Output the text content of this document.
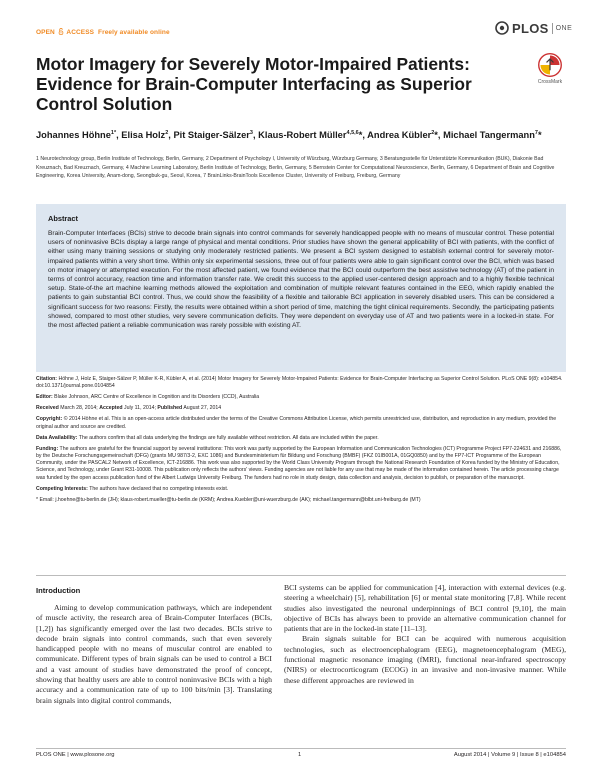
OPEN ACCESS Freely available online	PLOS ONE
Motor Imagery for Severely Motor-Impaired Patients: Evidence for Brain-Computer Interfacing as Superior Control Solution
CrossMark
Johannes Höhne$^{1*}$, Elisa Holz$^2$, Pit Staiger-Sälzer$^3$, Klaus-Robert Müller$^{4,5,6}$*, Andrea Kübler$^2$*, Michael Tangermann$^7$*
1 Neurotechnology group, Berlin Institute of Technology, Berlin, Germany, 2 Department of Psychology I, University of Würzburg, Würzburg Germany, 3 Beratungsstelle für Unterstützte Kommunikation (BUK), Diakonie Bad Kreuznach, Bad Kreuznach, Germany, 4 Machine Learning Laboratory, Berlin Institute of Technology, Berlin, Germany, 5 Bernstein Center for Computational Neuroscience, Berlin, Germany, 6 Department of Brain and Cognitive Engineering, Korea University, Anam-dong, Seongbuk-gu, Seoul, Korea, 7 BrainLinks-BrainTools Excellence Cluster, University of Freiburg, Freiburg, Germany
Abstract

Brain-Computer Interfaces (BCIs) strive to decode brain signals into control commands for severely handicapped people with no means of muscular control. These potential users of noninvasive BCIs display a large range of physical and mental conditions. Prior studies have shown the general applicability of BCI with patients, with the conflict of either using many training sessions or studying only moderately restricted patients. We present a BCI system designed to establish external control for severely motor-impaired patients within a very short time. Within only six experimental sessions, three out of four patients were able to gain significant control over the BCI, which was based on motor imagery or attempted execution. For the most affected patient, we found evidence that the BCI could outperform the best assistive technology (AT) of the patient in terms of control accuracy, reaction time and information transfer rate. We credit this success to the applied user-centered design approach and to a highly flexible technical setup. State-of-the art machine learning methods allowed the exploitation and combination of multiple relevant features contained in the EEG, which rapidly enabled the patients to gain substantial BCI control. Thus, we could show the feasibility of a flexible and tailorable BCI application in severely disabled users. This can be considered a significant success for two reasons: Firstly, the results were obtained within a short period of time, matching the tight clinical requirements. Secondly, the participating patients showed, compared to most other studies, very severe communication deficits. They were dependent on everyday use of AT and two patients were in a locked-in state. For the most affected patient a reliable communication was rarely possible with existing AT.

Citation: Höhne J, Holz E, Staiger-Sälzer P, Müller K-R, Kübler A, et al. (2014) Motor Imagery for Severely Motor-Impaired Patients: Evidence for Brain-Computer Interfacing as Superior Control Solution. PLoS ONE 9(8): e104854. doi:10.1371/journal.pone.0104854
Editor: Blake Johnson, ARC Centre of Excellence in Cognition and its Disorders (CCD), Australia
Received March 28, 2014; Accepted July 11, 2014; Published August 27, 2014
Copyright: © 2014 Höhne et al. This is an open-access article distributed under the terms of the Creative Commons Attribution License, which permits unrestricted use, distribution, and reproduction in any medium, provided the original author and source are credited.
Data Availability: The authors confirm that all data underlying the findings are fully available without restriction. All data are included within the paper.
Funding: The authors are grateful for the financial support by several institutions: This work was partly supported by the European Information and Communication Technologies (ICT) Programme Project FP7-224631 and 216886, by the Deutsche Forschungsgemeinschaft (DFG) (grants MU 987/3-2, EXC 1086) and Bundesministerium für Bildung und Forschung (BMBF) (FKZ 01IB001A, 01GQ0850) and by the FP7-ICT Programme of the European Community, under the PASCAL2 Network of Excellence, ICT-216886. This work was also supported by the World Class University Program through the National Research Foundation of Korea funded by the Ministry of Education, Science, and Technology, under Grant R31-10008. This publication only reflects the authors' views. Funding agencies are not liable for any use that may be made of the information contained herein. The article processing charge was funded by the open access publication fund of the Albert Ludwigs University Freiburg. The funders had no role in study design, data collection and analysis, decision to publish, or preparation of the manuscript.
Competing Interests: The authors have declared that no competing interests exist.
* Email: j.hoehne@tu-berlin.de (JH); klaus-robert.mueller@tu-berlin.de (KRM); Andrea.Kuebler@uni-wuerzburg.de (AK); michael.tangermann@blbt.uni-freiburg.de (MT)
Introduction

Aiming to develop communication pathways, which are independent of muscle activity, the research area of Brain-Computer Interfaces (BCIs, [1,2]) has significantly emerged over the last two decades. BCIs strive to decode brain signals into control commands, such that even severely handicapped people with no means of muscular control are enabled to communicate. Different types of brain signals can be used to control a BCI and a vast amount of studies have demonstrated the proof of concept, showing that healthy users are able to control noninvasive BCIs with a high accuracy and a communication rate of up to 100 bits/min [3]. Translating brain signals into digital control commands,

BCI systems can be applied for communication [4], interaction with external devices (e.g. steering a wheelchair) [5], rehabilitation [6] or mental state monitoring [7,8]. While recent studies also investigated the neuronal underpinnings of BCI control [9,10], the main objective of BCIs has always been to provide an alternative communication channel for patients that are in the locked-in state [11–13].

Brain signals suitable for BCI can be acquired with numerous acquisition technologies, such as electroencephalogram (EEG), magnetoencephalogram (MEG), functional magnetic resonance imaging (fMRI), functional near-infrared spectroscopy (NIRS) or electrocorticogram (ECOG) in an invasive and non-invasive manner. While these different approaches are reviewed in

PLOS ONE | www.plosone.org	1	August 2014 | Volume 9 | Issue 8 | e104854
